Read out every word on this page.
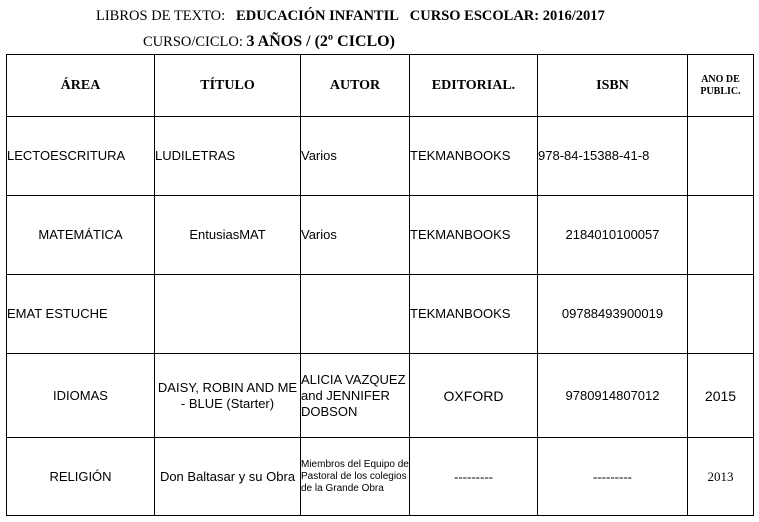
LIBROS DE TEXTO: EDUCACIÓN INFANTIL CURSO ESCOLAR: 2016/2017
CURSO/CICLO: 3 AÑOS / (2º CICLO)
ÁREA	TÍTULO	AUTOR	EDITORIAL.	ISBN	ANO DE PUBLIC.
LECTOESCRITURA	LUDILETRAS	Varios	TEKMANBOOKS	978-84-15388-41-8	
MATEMÁTICA	EntusiasMAT	Varios	TEKMANBOOKS	2184010100057	
EMAT ESTUCHE			TEKMANBOOKS	09788493900019	
IDIOMAS	DAISY, ROBIN AND ME - BLUE (Starter)	ALICIA VAZQUEZ and JENNIFER DOBSON	OXFORD	9780914807012	2015
RELIGIÓN	Don Baltasar y su Obra	Miembros del Equipo de Pastoral de los colegios de la Grande Obra	---------	---------	2013
